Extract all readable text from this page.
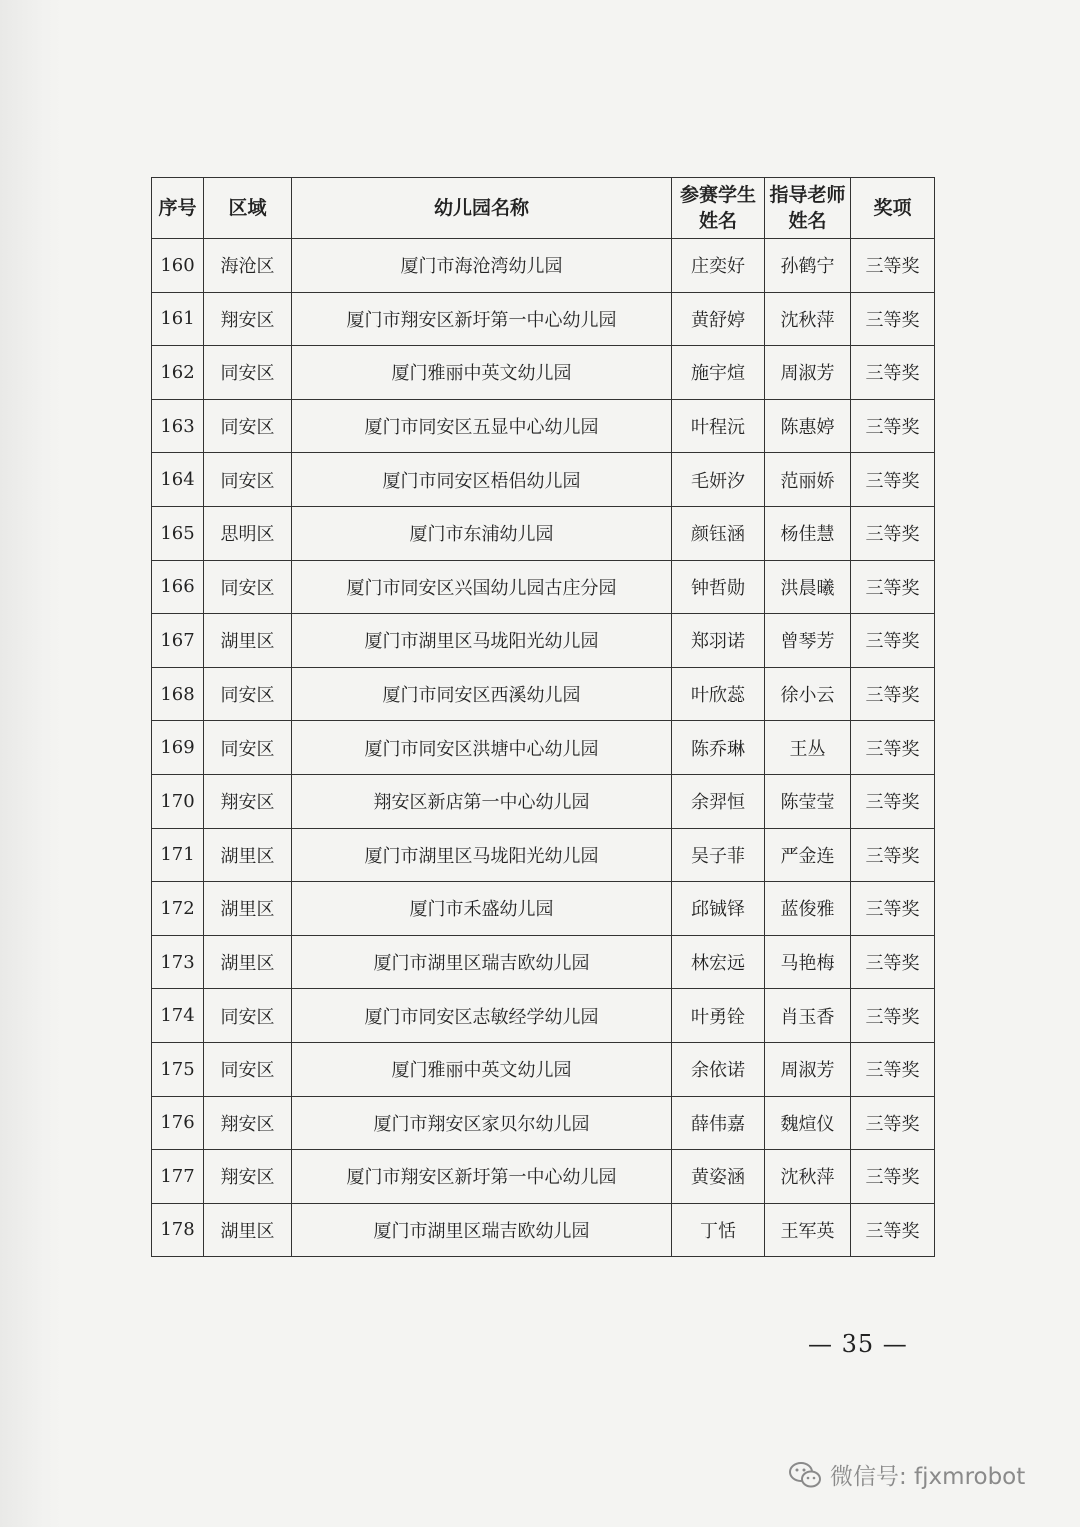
序号	区域	幼儿园名称	参赛学生姓名	指导老师姓名	奖项
160	海沧区	厦门市海沧湾幼儿园	庄奕好	孙鹤宁	三等奖
161	翔安区	厦门市翔安区新圩第一中心幼儿园	黄舒婷	沈秋萍	三等奖
162	同安区	厦门雅丽中英文幼儿园	施宇煊	周淑芳	三等奖
163	同安区	厦门市同安区五显中心幼儿园	叶程沅	陈惠婷	三等奖
164	同安区	厦门市同安区梧侣幼儿园	毛妍汐	范丽娇	三等奖
165	思明区	厦门市东浦幼儿园	颜钰涵	杨佳慧	三等奖
166	同安区	厦门市同安区兴国幼儿园古庄分园	钟哲勋	洪晨曦	三等奖
167	湖里区	厦门市湖里区马垅阳光幼儿园	郑羽诺	曾琴芳	三等奖
168	同安区	厦门市同安区西溪幼儿园	叶欣蕊	徐小云	三等奖
169	同安区	厦门市同安区洪塘中心幼儿园	陈乔琳	王丛	三等奖
170	翔安区	翔安区新店第一中心幼儿园	余羿恒	陈莹莹	三等奖
171	湖里区	厦门市湖里区马垅阳光幼儿园	吴子菲	严金连	三等奖
172	湖里区	厦门市禾盛幼儿园	邱铖铎	蓝俊雅	三等奖
173	湖里区	厦门市湖里区瑞吉欧幼儿园	林宏远	马艳梅	三等奖
174	同安区	厦门市同安区志敏经学幼儿园	叶勇铨	肖玉香	三等奖
175	同安区	厦门雅丽中英文幼儿园	余依诺	周淑芳	三等奖
176	翔安区	厦门市翔安区家贝尔幼儿园	薛伟嘉	魏煊仪	三等奖
177	翔安区	厦门市翔安区新圩第一中心幼儿园	黄姿涵	沈秋萍	三等奖
178	湖里区	厦门市湖里区瑞吉欧幼儿园	丁恬	王军英	三等奖
— 35 —
微信号: fjxmrobot
